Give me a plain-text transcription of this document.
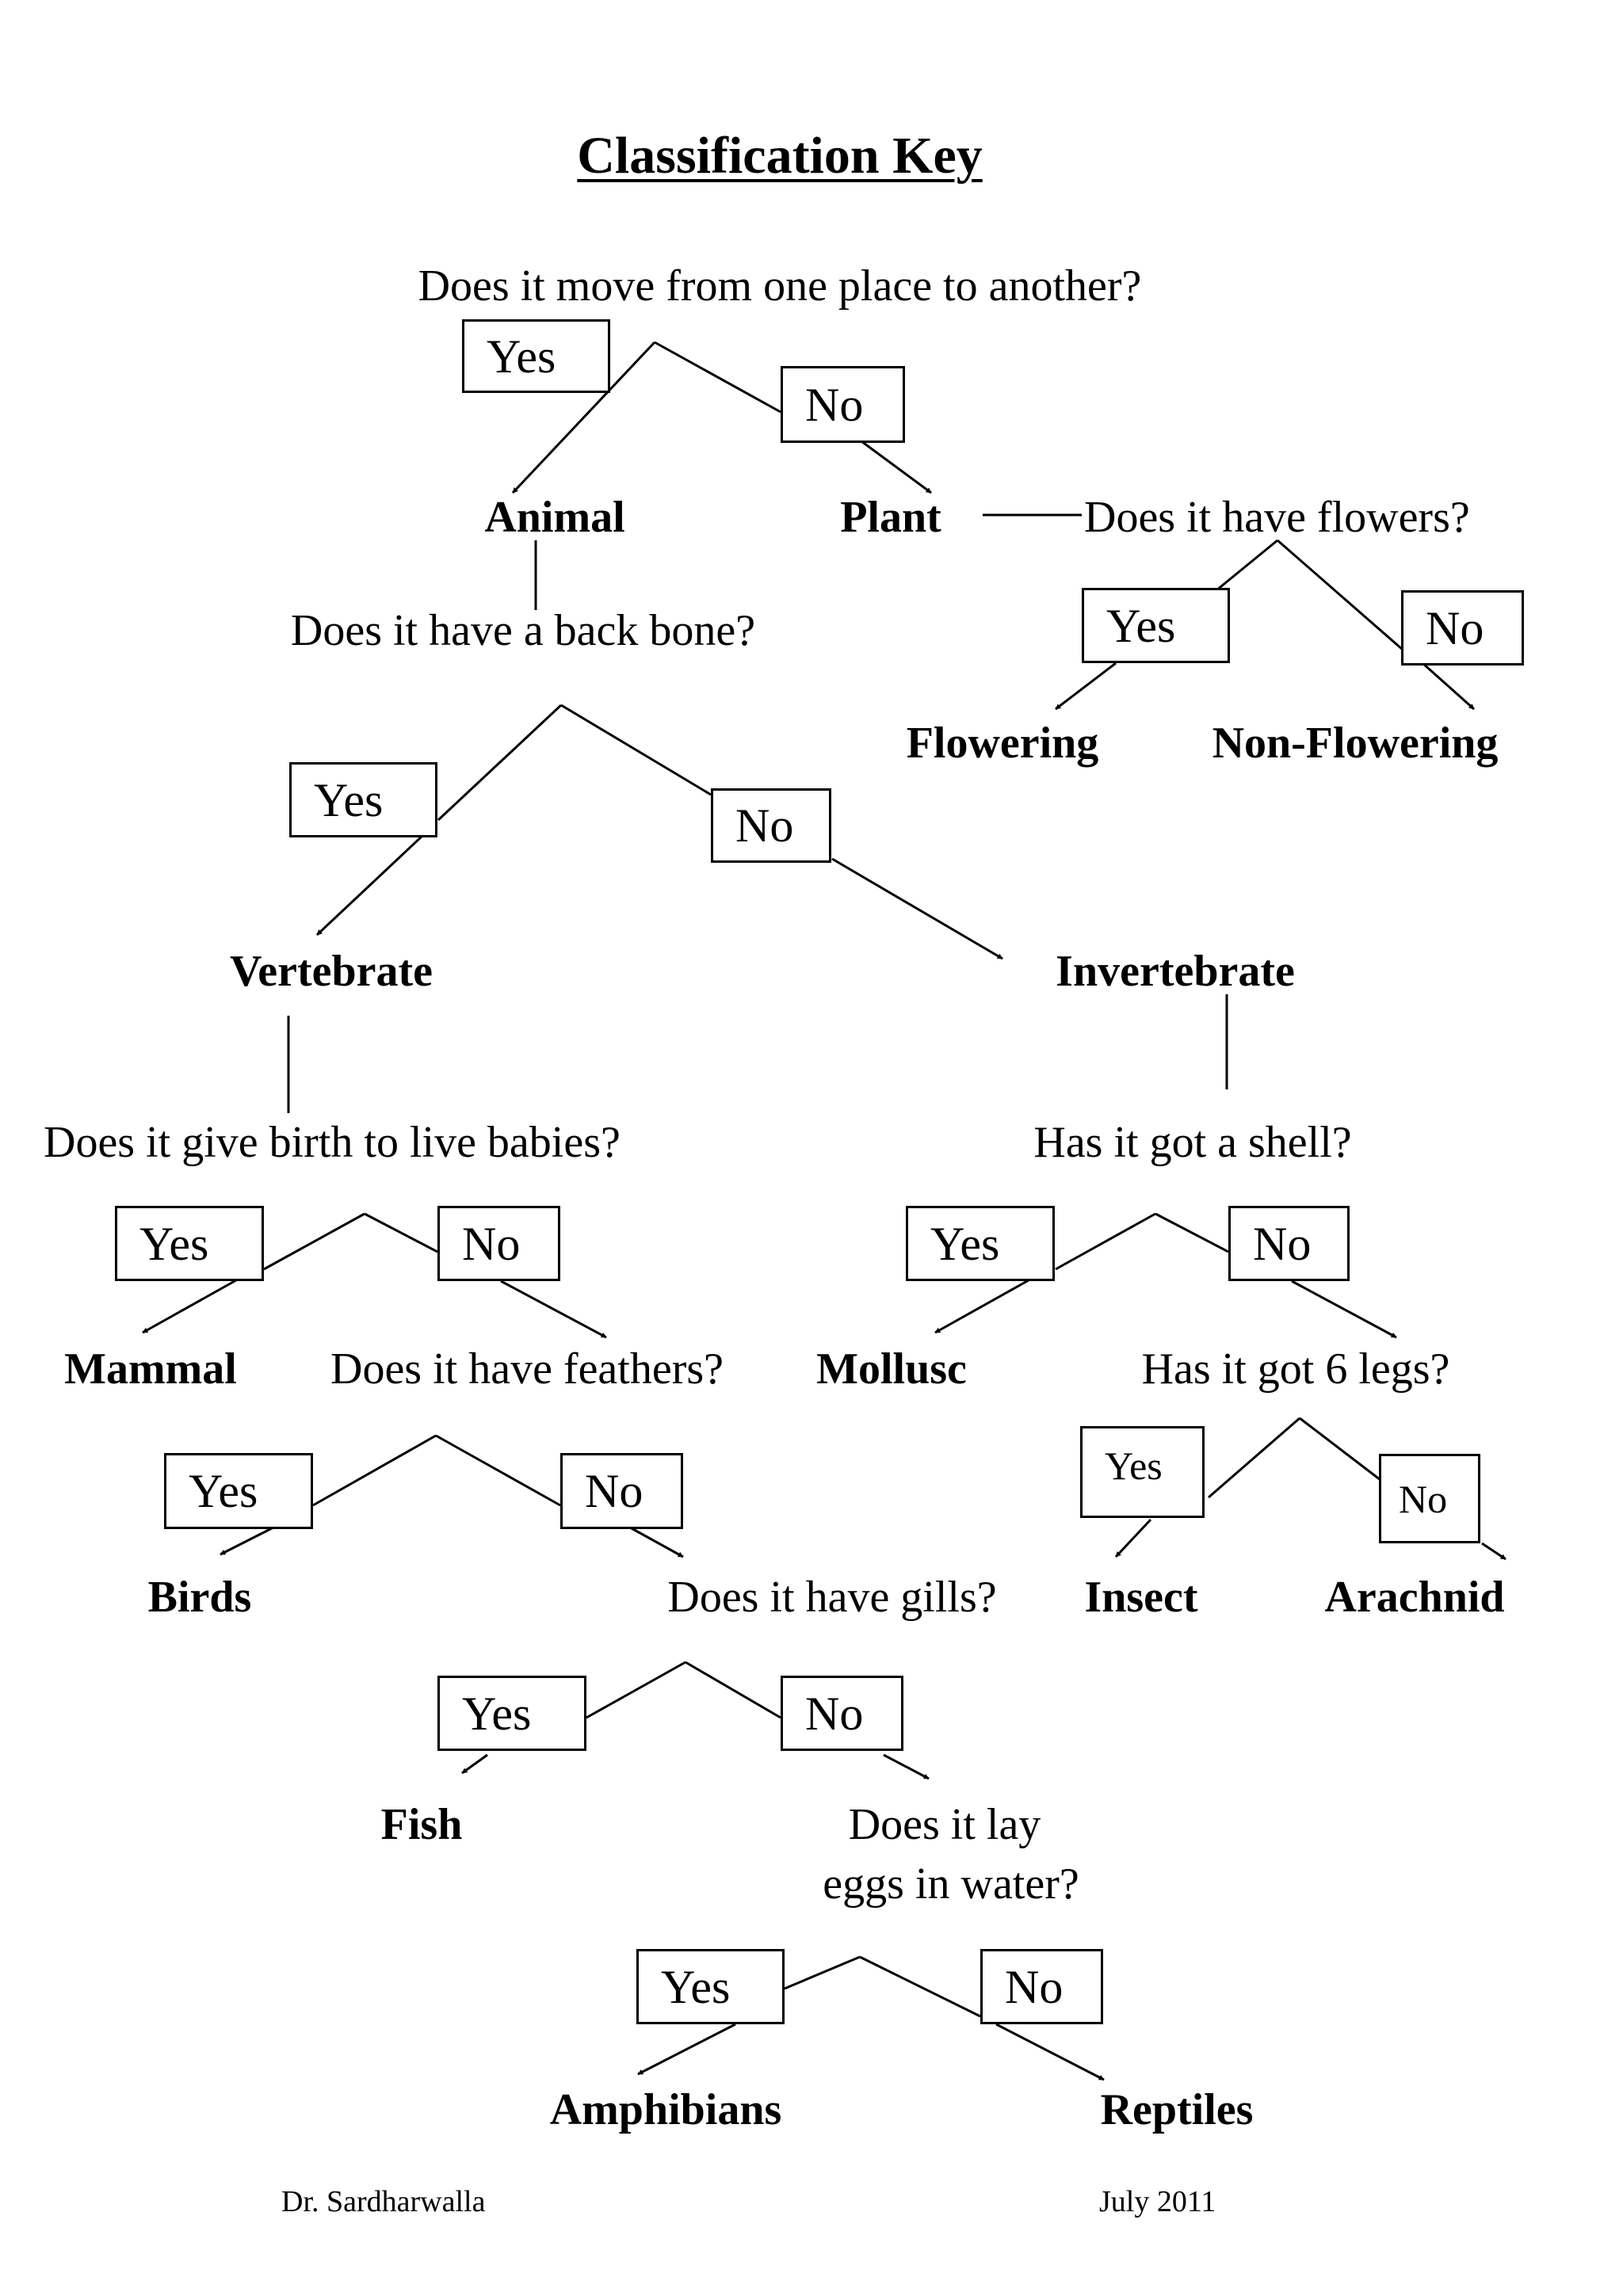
Classification Key
Does it move from one place to another?
Yes
No
Animal	Plant	Does it have flowers?
Does it have a back bone?	Yes	No
Flowering	Non-Flowering
Yes	No
Vertebrate	Invertebrate
Does it give birth to live babies?	Has it got a shell?
Yes	No	Yes	No
Mammal Does it have feathers? Mollusc	Has it got 6 legs?
Yes	No	Yes
No
Birds	Does it have gills? Insect	Arachnid
Yes	No
Fish	Does it lay
eggs in water?
Yes	No
Amphibians	Reptiles
Dr. Sardharwalla	July 2011
